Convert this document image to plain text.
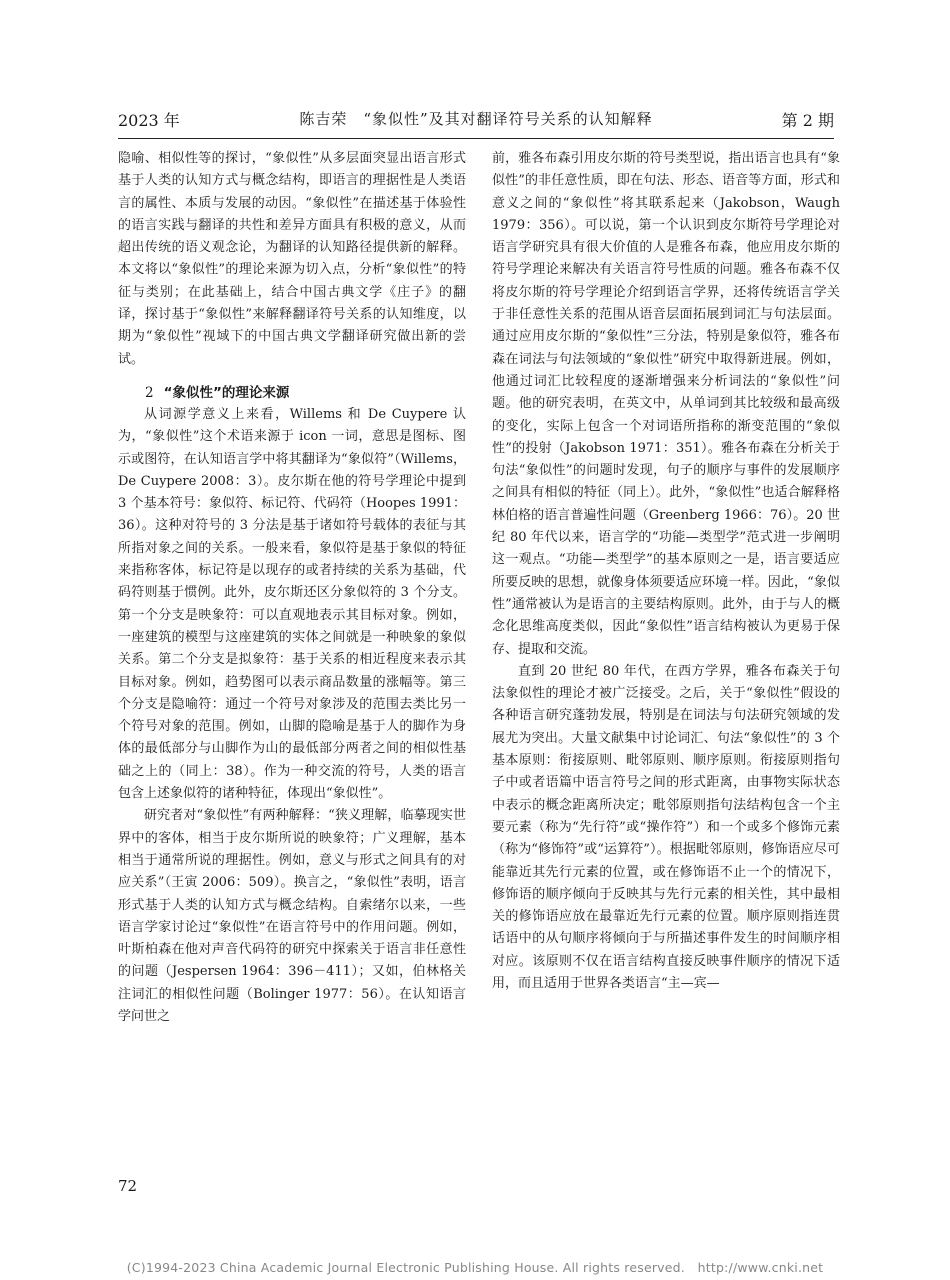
2023 年	陈吉荣　“象似性”及其对翻译符号关系的认知解释	第 2 期

隐喻、相似性等的探讨，“象似性”从多层面突显出语言形式基于人类的认知方式与概念结构，即语言的理据性是人类语言的属性、本质与发展的动因。“象似性”在描述基于体验性的语言实践与翻译的共性和差异方面具有积极的意义，从而超出传统的语义观念论，为翻译的认知路径提供新的解释。本文将以“象似性”的理论来源为切入点，分析“象似性”的特征与类别；在此基础上，结合中国古典文学《庄子》的翻译，探讨基于“象似性”来解释翻译符号关系的认知维度，以期为“象似性”视域下的中国古典文学翻译研究做出新的尝试。

2 “象似性”的理论来源

从词源学意义上来看，Willems 和 De Cuypere 认为，“象似性”这个术语来源于 icon 一词，意思是图标、图示或图符，在认知语言学中将其翻译为“象似符”（Willems，De Cuypere 2008：3）。皮尔斯在他的符号学理论中提到 3 个基本符号：象似符、标记符、代码符（Hoopes 1991：36）。这种对符号的 3 分法是基于诸如符号载体的表征与其所指对象之间的关系。一般来看，象似符是基于象似的特征来指称客体，标记符是以现存的或者持续的关系为基础，代码符则基于惯例。此外，皮尔斯还区分象似符的 3 个分支。第一个分支是映象符：可以直观地表示其目标对象。例如，一座建筑的模型与这座建筑的实体之间就是一种映象的象似关系。第二个分支是拟象符：基于关系的相近程度来表示其目标对象。例如，趋势图可以表示商品数量的涨幅等。第三个分支是隐喻符：通过一个符号对象涉及的范围去类比另一个符号对象的范围。例如，山脚的隐喻是基于人的脚作为身体的最低部分与山脚作为山的最低部分两者之间的相似性基础之上的（同上：38）。作为一种交流的符号，人类的语言包含上述象似符的诸种特征，体现出“象似性”。

研究者对“象似性”有两种解释：“狭义理解，临摹现实世界中的客体，相当于皮尔斯所说的映象符；广义理解，基本相当于通常所说的理据性。例如，意义与形式之间具有的对应关系”（王寅 2006：509）。换言之，“象似性”表明，语言形式基于人类的认知方式与概念结构。自索绪尔以来，一些语言学家讨论过“象似性”在语言符号中的作用问题。例如，叶斯柏森在他对声音代码符的研究中探索关于语言非任意性的问题（Jespersen 1964：396－411）；又如，伯林格关注词汇的相似性问题（Bolinger 1977：56）。在认知语言学问世之

前，雅各布森引用皮尔斯的符号类型说，指出语言也具有“象似性”的非任意性质，即在句法、形态、语音等方面，形式和意义之间的“象似性”将其联系起来（Jakobson，Waugh 1979：356）。可以说，第一个认识到皮尔斯符号学理论对语言学研究具有很大价值的人是雅各布森，他应用皮尔斯的符号学理论来解决有关语言符号性质的问题。雅各布森不仅将皮尔斯的符号学理论介绍到语言学界，还将传统语言学关于非任意性关系的范围从语音层面拓展到词汇与句法层面。通过应用皮尔斯的“象似性”三分法，特别是象似符，雅各布森在词法与句法领域的“象似性”研究中取得新进展。例如，他通过词汇比较程度的逐渐增强来分析词法的“象似性”问题。他的研究表明，在英文中，从单词到其比较级和最高级的变化，实际上包含一个对词语所指称的渐变范围的“象似性”的投射（Jakobson 1971：351）。雅各布森在分析关于句法“象似性”的问题时发现，句子的顺序与事件的发展顺序之间具有相似的特征（同上）。此外，“象似性”也适合解释格林伯格的语言普遍性问题（Greenberg 1966：76）。20 世纪 80 年代以来，语言学的“功能—类型学”范式进一步阐明这一观点。“功能—类型学”的基本原则之一是，语言要适应所要反映的思想，就像身体须要适应环境一样。因此，“象似性”通常被认为是语言的主要结构原则。此外，由于与人的概念化思维高度类似，因此“象似性”语言结构被认为更易于保存、提取和交流。

直到 20 世纪 80 年代，在西方学界，雅各布森关于句法象似性的理论才被广泛接受。之后，关于“象似性”假设的各种语言研究蓬勃发展，特别是在词法与句法研究领域的发展尤为突出。大量文献集中讨论词汇、句法“象似性”的 3 个基本原则：衔接原则、毗邻原则、顺序原则。衔接原则指句子中或者语篇中语言符号之间的形式距离，由事物实际状态中表示的概念距离所决定；毗邻原则指句法结构包含一个主要元素（称为“先行符”或“操作符”）和一个或多个修饰元素（称为“修饰符”或“运算符”）。根据毗邻原则，修饰语应尽可能靠近其先行元素的位置，或在修饰语不止一个的情况下，修饰语的顺序倾向于反映其与先行元素的相关性，其中最相关的修饰语应放在最靠近先行元素的位置。顺序原则指连贯话语中的从句顺序将倾向于与所描述事件发生的时间顺序相对应。该原则不仅在语言结构直接反映事件顺序的情况下适用，而且适用于世界各类语言“主—宾—

72
(C)1994-2023 China Academic Journal Electronic Publishing House. All rights reserved.　http://www.cnki.net
